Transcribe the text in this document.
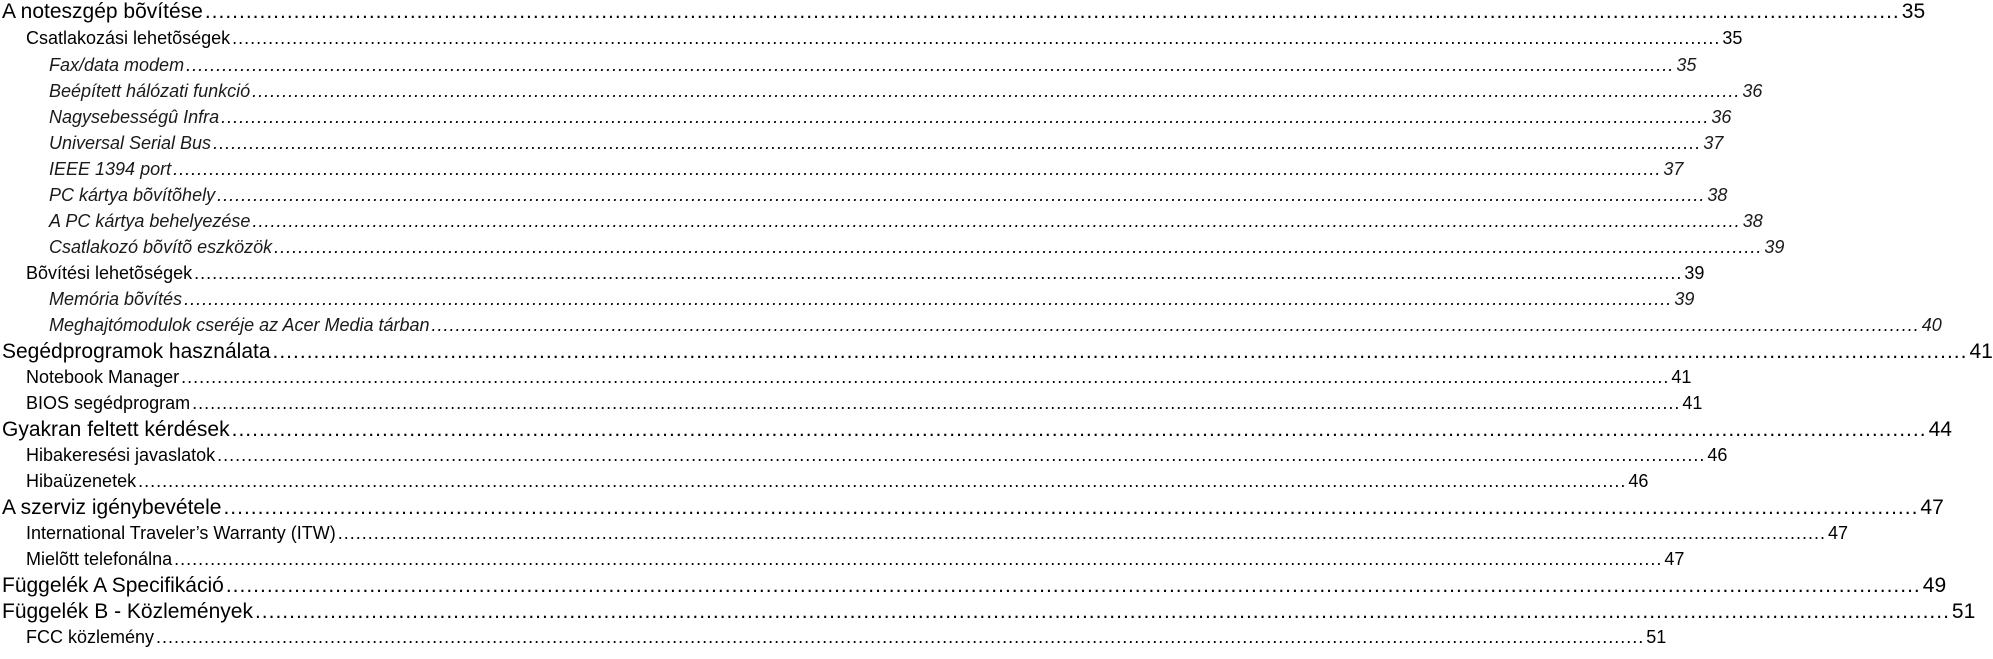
A noteszgép bõvítése ........................................................................................................................................................................................................................................................ 35
Csatlakozási lehetõségek ........................................................................................................................................................................................................................................................ 35
Fax/data modem ........................................................................................................................................................................................................................................................ 35
Beépített hálózati funkció ........................................................................................................................................................................................................................................................ 36
Nagysebességû Infra ........................................................................................................................................................................................................................................................ 36
Universal Serial Bus ........................................................................................................................................................................................................................................................ 37
IEEE 1394 port ........................................................................................................................................................................................................................................................ 37
PC kártya bõvítõhely ........................................................................................................................................................................................................................................................ 38
A PC kártya behelyezése ........................................................................................................................................................................................................................................................ 38
Csatlakozó bõvítõ eszközök ........................................................................................................................................................................................................................................................ 39
Bõvítési lehetõségek ........................................................................................................................................................................................................................................................ 39
Memória bõvítés ........................................................................................................................................................................................................................................................ 39
Meghajtómodulok cseréje az Acer Media tárban ........................................................................................................................................................................................................................................................ 40
Segédprogramok használata ........................................................................................................................................................................................................................................................ 41
Notebook Manager ........................................................................................................................................................................................................................................................ 41
BIOS segédprogram ........................................................................................................................................................................................................................................................ 41
Gyakran feltett kérdések ........................................................................................................................................................................................................................................................ 44
Hibakeresési javaslatok ........................................................................................................................................................................................................................................................ 46
Hibaüzenetek ........................................................................................................................................................................................................................................................ 46
A szerviz igénybevétele ........................................................................................................................................................................................................................................................ 47
International Traveler’s Warranty (ITW) ........................................................................................................................................................................................................................................................ 47
Mielõtt telefonálna ........................................................................................................................................................................................................................................................ 47
Függelék A Specifikáció ........................................................................................................................................................................................................................................................ 49
Függelék B - Közlemények ........................................................................................................................................................................................................................................................ 51
FCC közlemény ........................................................................................................................................................................................................................................................ 51
